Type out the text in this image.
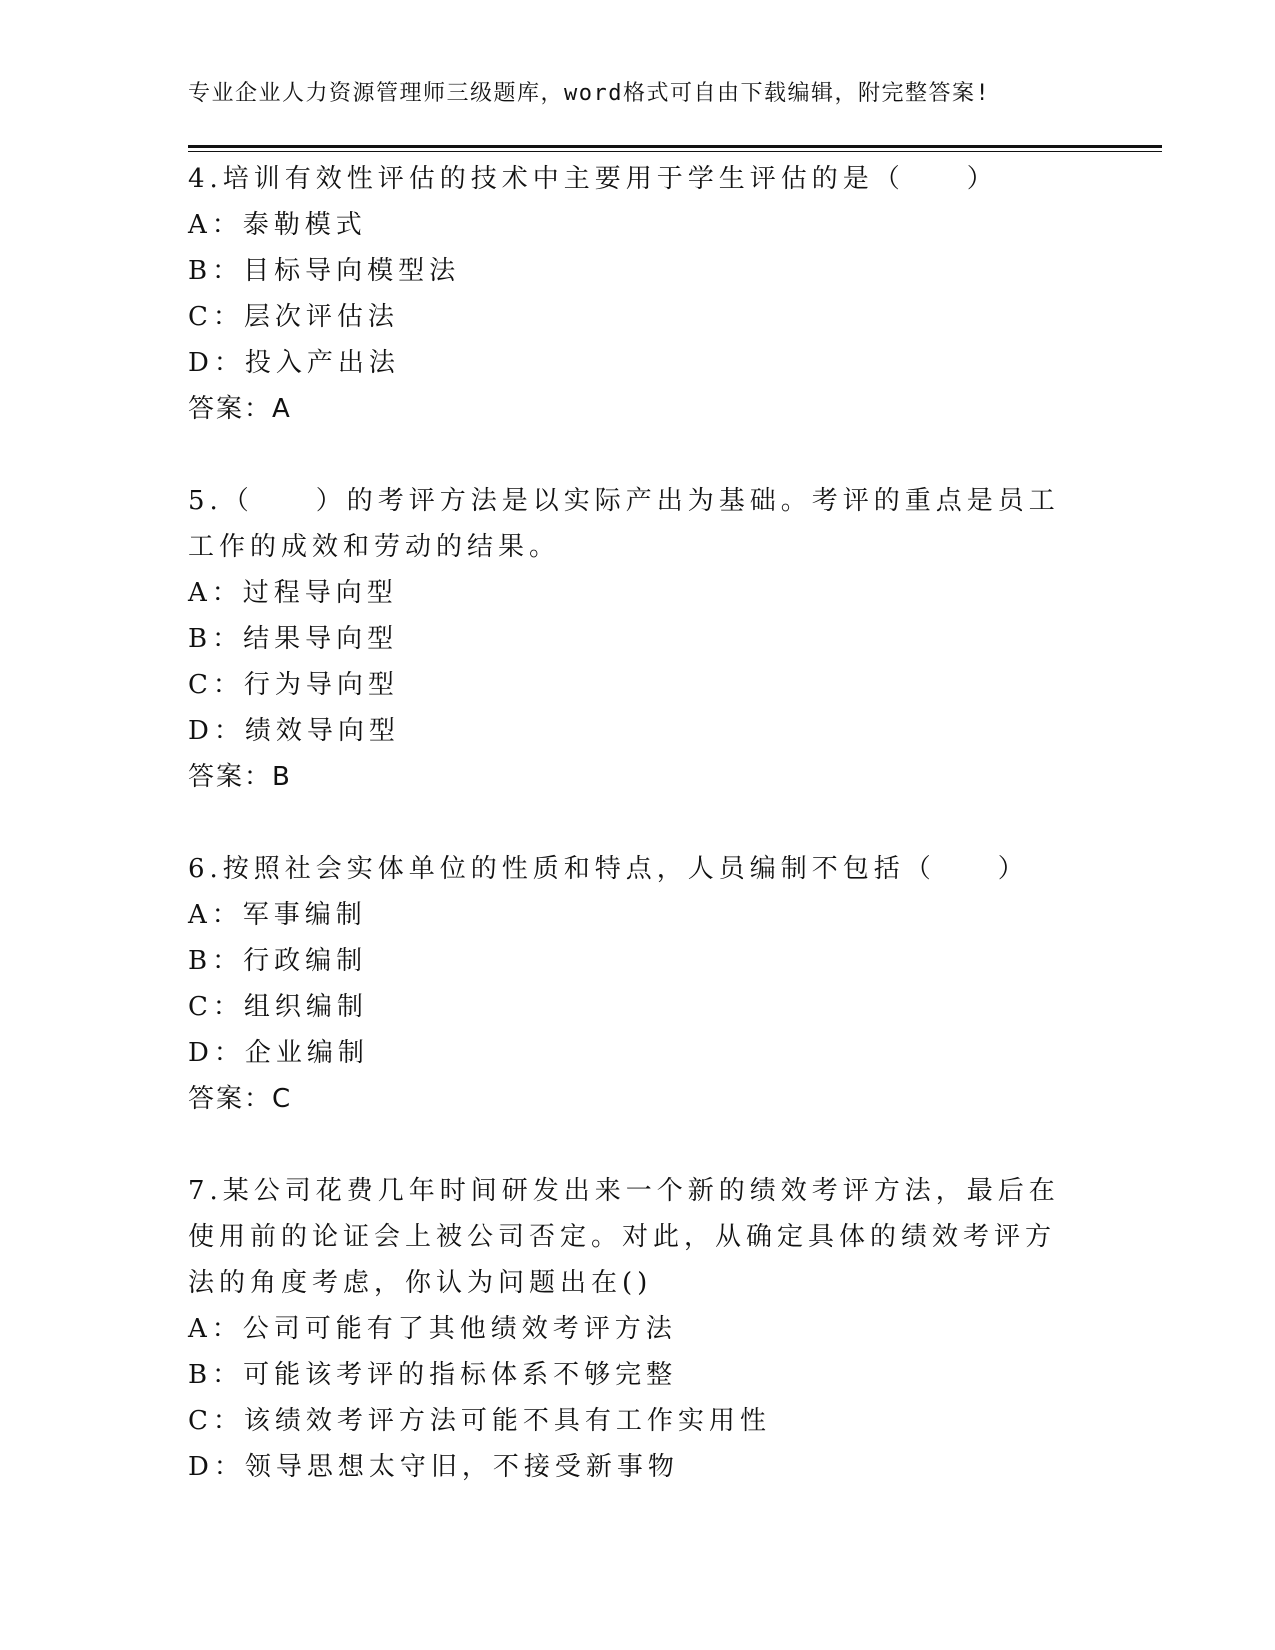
专业企业人力资源管理师三级题库，word格式可自由下载编辑，附完整答案!
4.培训有效性评估的技术中主要用于学生评估的是（　　）
A：泰勒模式
B：目标导向模型法
C：层次评估法
D：投入产出法
答案：A
5.（　　）的考评方法是以实际产出为基础。考评的重点是员工工作的成效和劳动的结果。
A：过程导向型
B：结果导向型
C：行为导向型
D：绩效导向型
答案：B
6.按照社会实体单位的性质和特点，人员编制不包括（　　）
A：军事编制
B：行政编制
C：组织编制
D：企业编制
答案：C
7.某公司花费几年时间研发出来一个新的绩效考评方法，最后在使用前的论证会上被公司否定。对此，从确定具体的绩效考评方法的角度考虑，你认为问题出在()
A：公司可能有了其他绩效考评方法
B：可能该考评的指标体系不够完整
C：该绩效考评方法可能不具有工作实用性
D：领导思想太守旧，不接受新事物
